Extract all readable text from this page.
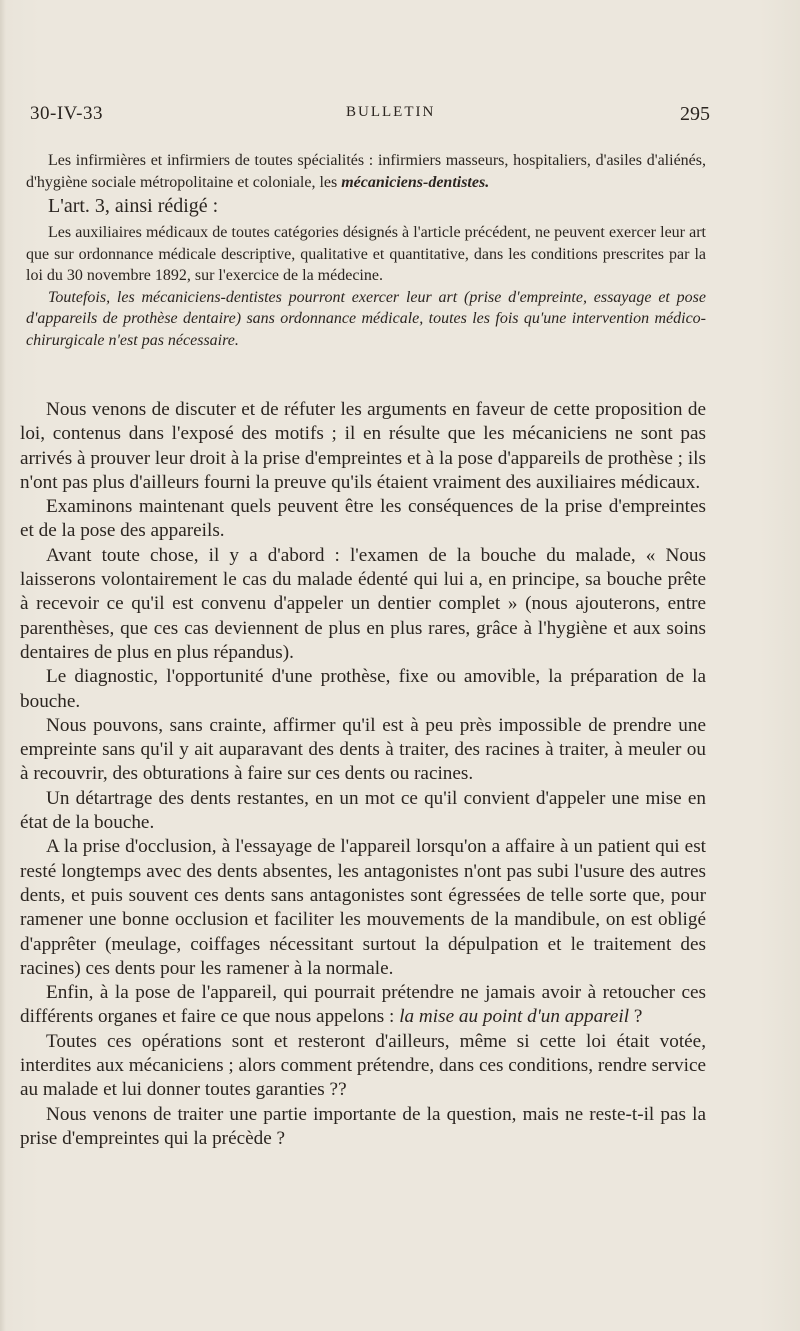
30-IV-33	BULLETIN	295

Les infirmières et infirmiers de toutes spécialités : infirmiers masseurs, hospitaliers, d'asiles d'aliénés, d'hygiène sociale métropolitaine et coloniale, les mécaniciens-dentistes.

L'art. 3, ainsi rédigé :

Les auxiliaires médicaux de toutes catégories désignés à l'article précédent, ne peuvent exercer leur art que sur ordonnance médicale descriptive, qualitative et quantitative, dans les conditions prescrites par la loi du 30 novembre 1892, sur l'exercice de la médecine.

Toutefois, les mécaniciens-dentistes pourront exercer leur art (prise d'empreinte, essayage et pose d'appareils de prothèse dentaire) sans ordonnance médicale, toutes les fois qu'une intervention médico-chirurgicale n'est pas nécessaire.

Nous venons de discuter et de réfuter les arguments en faveur de cette proposition de loi, contenus dans l'exposé des motifs ; il en résulte que les mécaniciens ne sont pas arrivés à prouver leur droit à la prise d'empreintes et à la pose d'appareils de prothèse ; ils n'ont pas plus d'ailleurs fourni la preuve qu'ils étaient vraiment des auxiliaires médicaux.

Examinons maintenant quels peuvent être les conséquences de la prise d'empreintes et de la pose des appareils.

Avant toute chose, il y a d'abord : l'examen de la bouche du malade, « Nous laisserons volontairement le cas du malade édenté qui lui a, en principe, sa bouche prête à recevoir ce qu'il est convenu d'appeler un dentier complet » (nous ajouterons, entre parenthèses, que ces cas deviennent de plus en plus rares, grâce à l'hygiène et aux soins dentaires de plus en plus répandus).

Le diagnostic, l'opportunité d'une prothèse, fixe ou amovible, la préparation de la bouche.

Nous pouvons, sans crainte, affirmer qu'il est à peu près impossible de prendre une empreinte sans qu'il y ait auparavant des dents à traiter, des racines à traiter, à meuler ou à recouvrir, des obturations à faire sur ces dents ou racines.

Un détartrage des dents restantes, en un mot ce qu'il convient d'appeler une mise en état de la bouche.

A la prise d'occlusion, à l'essayage de l'appareil lorsqu'on a affaire à un patient qui est resté longtemps avec des dents absentes, les antagonistes n'ont pas subi l'usure des autres dents, et puis souvent ces dents sans antagonistes sont égressées de telle sorte que, pour ramener une bonne occlusion et faciliter les mouvements de la mandibule, on est obligé d'apprêter (meulage, coiffages nécessitant surtout la dépulpation et le traitement des racines) ces dents pour les ramener à la normale.

Enfin, à la pose de l'appareil, qui pourrait prétendre ne jamais avoir à retoucher ces différents organes et faire ce que nous appelons : la mise au point d'un appareil ?

Toutes ces opérations sont et resteront d'ailleurs, même si cette loi était votée, interdites aux mécaniciens ; alors comment prétendre, dans ces conditions, rendre service au malade et lui donner toutes garanties ??

Nous venons de traiter une partie importante de la question, mais ne reste-t-il pas la prise d'empreintes qui la précède ?
